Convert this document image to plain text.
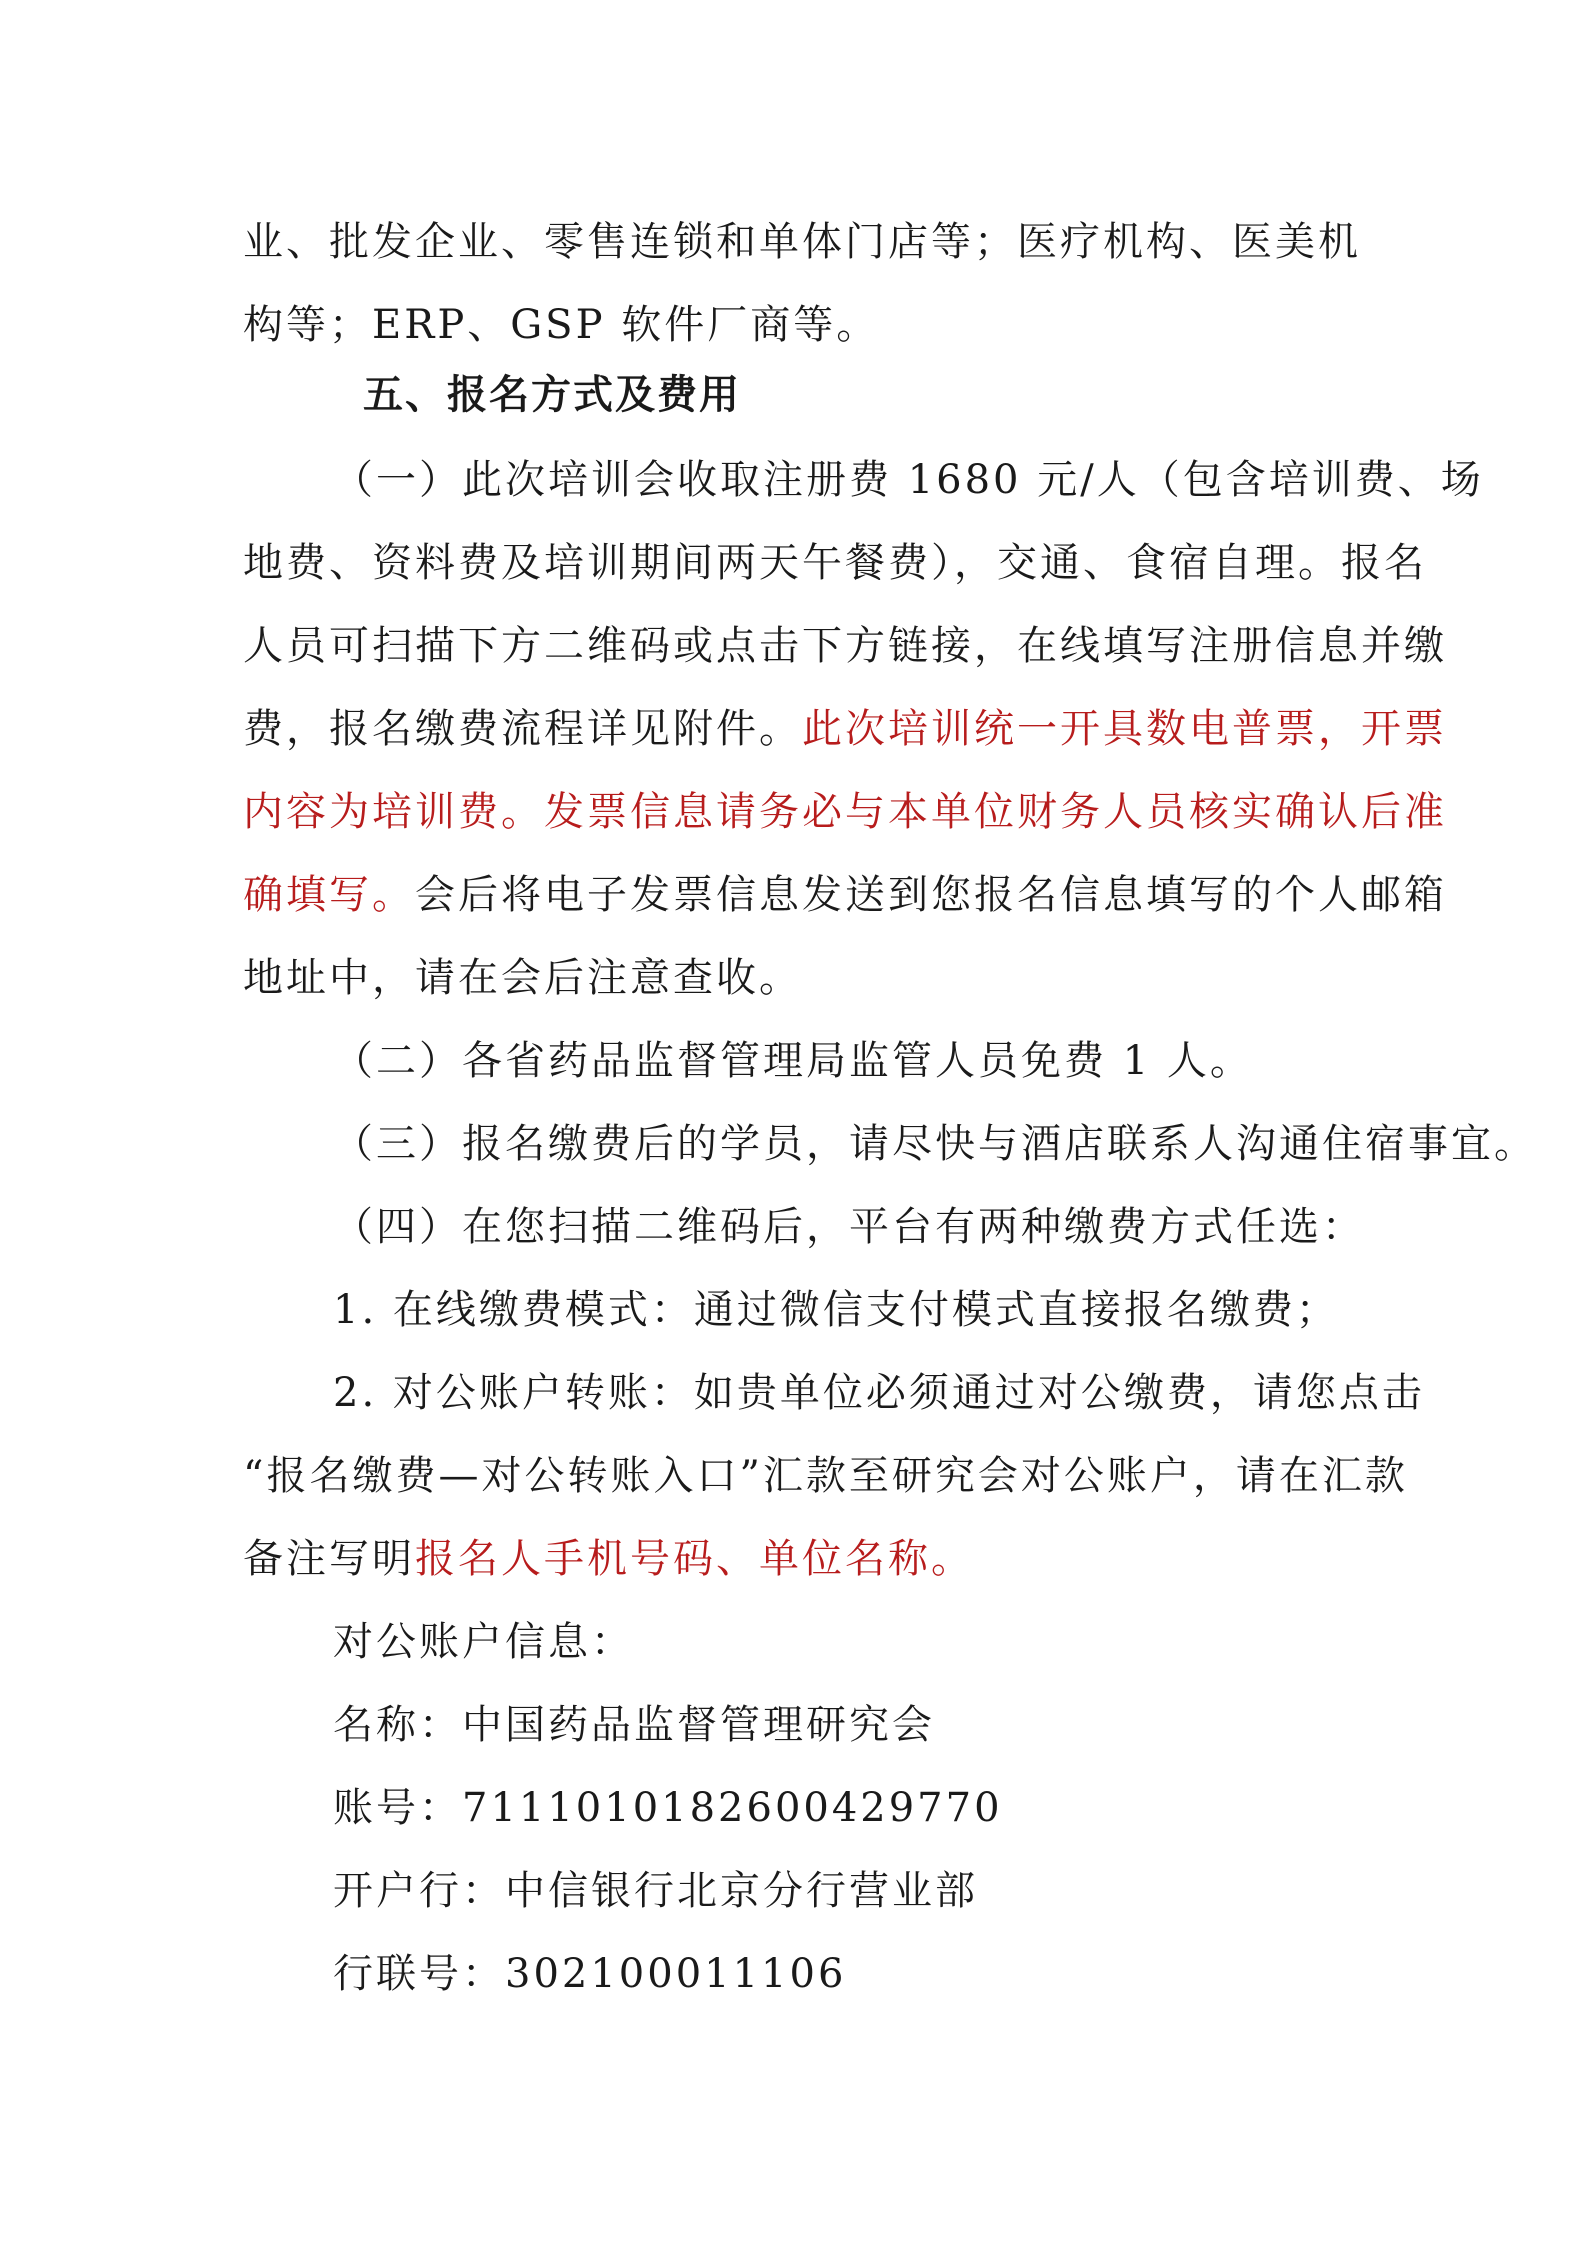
业、批发企业、零售连锁和单体门店等；医疗机构、医美机
构等；ERP、GSP 软件厂商等。
五、报名方式及费用
（一）此次培训会收取注册费 1680 元/人（包含培训费、场
地费、资料费及培训期间两天午餐费），交通、食宿自理。报名
人员可扫描下方二维码或点击下方链接，在线填写注册信息并缴
费，报名缴费流程详见附件。此次培训统一开具数电普票，开票
内容为培训费。发票信息请务必与本单位财务人员核实确认后准
确填写。会后将电子发票信息发送到您报名信息填写的个人邮箱
地址中，请在会后注意查收。
（二）各省药品监督管理局监管人员免费 1 人。
（三）报名缴费后的学员，请尽快与酒店联系人沟通住宿事宜。
（四）在您扫描二维码后，平台有两种缴费方式任选：
1. 在线缴费模式：通过微信支付模式直接报名缴费；
2. 对公账户转账：如贵单位必须通过对公缴费，请您点击
“报名缴费—对公转账入口”汇款至研究会对公账户，请在汇款
备注写明报名人手机号码、单位名称。
对公账户信息：
名称：中国药品监督管理研究会
账号：7111010182600429770
开户行：中信银行北京分行营业部
行联号：302100011106
